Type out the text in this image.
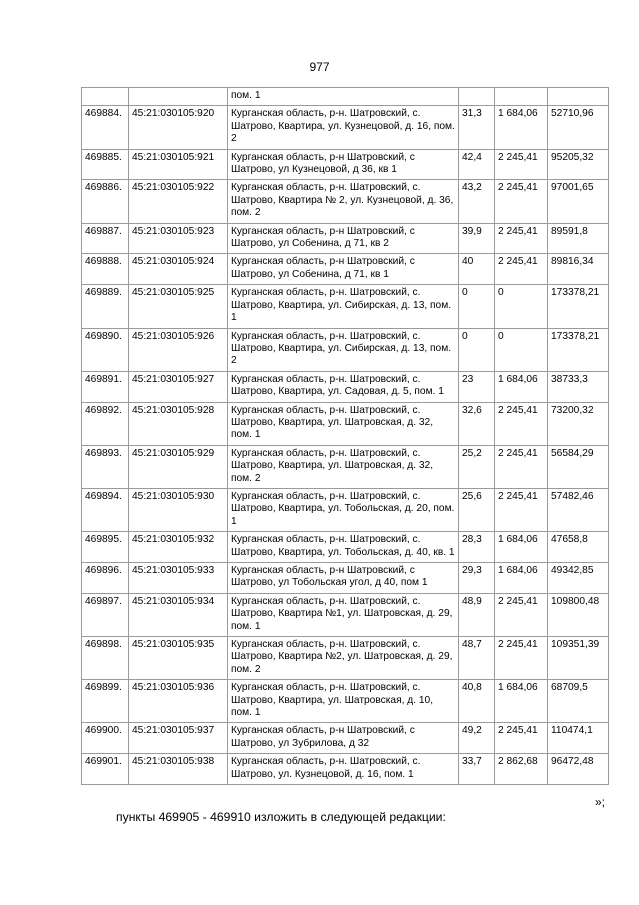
977
		пом. 1			
469884.	45:21:030105:920	Курганская область, р-н. Шатровский, с. Шатрово, Квартира, ул. Кузнецовой, д. 16, пом. 2	31,3	1 684,06	52710,96
469885.	45:21:030105:921	Курганская область, р-н Шатровский, с Шатрово, ул Кузнецовой, д 36, кв 1	42,4	2 245,41	95205,32
469886.	45:21:030105:922	Курганская область, р-н. Шатровский, с. Шатрово, Квартира № 2, ул. Кузнецовой, д. 36, пом. 2	43,2	2 245,41	97001,65
469887.	45:21:030105:923	Курганская область, р-н Шатровский, с Шатрово, ул Собенина, д 71, кв 2	39,9	2 245,41	89591,8
469888.	45:21:030105:924	Курганская область, р-н Шатровский, с Шатрово, ул Собенина, д 71, кв 1	40	2 245,41	89816,34
469889.	45:21:030105:925	Курганская область, р-н. Шатровский, с. Шатрово, Квартира, ул. Сибирская, д. 13, пом. 1	0	0	173378,21
469890.	45:21:030105:926	Курганская область, р-н. Шатровский, с. Шатрово, Квартира, ул. Сибирская, д. 13, пом. 2	0	0	173378,21
469891.	45:21:030105:927	Курганская область, р-н. Шатровский, с. Шатрово, Квартира, ул. Садовая, д. 5, пом. 1	23	1 684,06	38733,3
469892.	45:21:030105:928	Курганская область, р-н. Шатровский, с. Шатрово, Квартира, ул. Шатровская, д. 32, пом. 1	32,6	2 245,41	73200,32
469893.	45:21:030105:929	Курганская область, р-н. Шатровский, с. Шатрово, Квартира, ул. Шатровская, д. 32, пом. 2	25,2	2 245,41	56584,29
469894.	45:21:030105:930	Курганская область, р-н. Шатровский, с. Шатрово, Квартира, ул. Тобольская, д. 20, пом. 1	25,6	2 245,41	57482,46
469895.	45:21:030105:932	Курганская область, р-н. Шатровский, с. Шатрово, Квартира, ул. Тобольская, д. 40, кв. 1	28,3	1 684,06	47658,8
469896.	45:21:030105:933	Курганская область, р-н Шатровский, с Шатрово, ул Тобольская угол, д 40, пом 1	29,3	1 684,06	49342,85
469897.	45:21:030105:934	Курганская область, р-н. Шатровский, с. Шатрово, Квартира №1, ул. Шатровская, д. 29, пом. 1	48,9	2 245,41	109800,48
469898.	45:21:030105:935	Курганская область, р-н. Шатровский, с. Шатрово, Квартира №2, ул. Шатровская, д. 29, пом. 2	48,7	2 245,41	109351,39
469899.	45:21:030105:936	Курганская область, р-н. Шатровский, с. Шатрово, Квартира, ул. Шатровская, д. 10, пом. 1	40,8	1 684,06	68709,5
469900.	45:21:030105:937	Курганская область, р-н Шатровский, с Шатрово, ул Зубрилова, д 32	49,2	2 245,41	110474,1
469901.	45:21:030105:938	Курганская область, р-н. Шатровский, с. Шатрово, ул. Кузнецовой, д. 16, пом. 1	33,7	2 862,68	96472,48
»;
пункты 469905 - 469910 изложить в следующей редакции:
